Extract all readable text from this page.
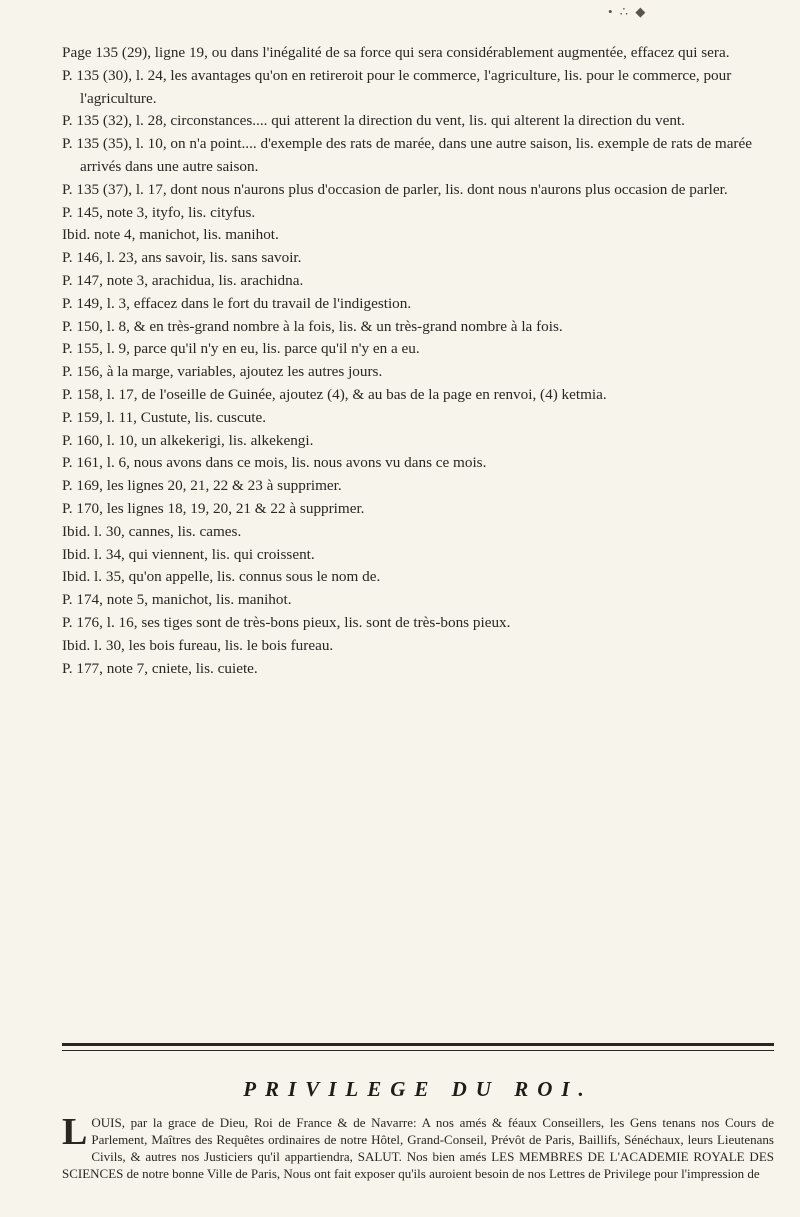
• ∴ ◆

Page 135 (29), ligne 19, ou dans l'inégalité de sa force qui sera considérablement augmentée, effacez qui sera.

P. 135 (30), l. 24, les avantages qu'on en retireroit pour le commerce, l'agriculture, lis. pour le commerce, pour l'agriculture.

P. 135 (32), l. 28, circonstances.... qui atterent la direction du vent, lis. qui alterent la direction du vent.

P. 135 (35), l. 10, on n'a point.... d'exemple des rats de marée, dans une autre saison, lis. exemple de rats de marée arrivés dans une autre saison.

P. 135 (37), l. 17, dont nous n'aurons plus d'occasion de parler, lis. dont nous n'aurons plus occasion de parler.

P. 145, note 3, ityfo, lis. cityfus.

Ibid. note 4, manichot, lis. manihot.

P. 146, l. 23, ans savoir, lis. sans savoir.

P. 147, note 3, arachidua, lis. arachidna.

P. 149, l. 3, effacez dans le fort du travail de l'indigestion.

P. 150, l. 8, & en très-grand nombre à la fois, lis. & un très-grand nombre à la fois.

P. 155, l. 9, parce qu'il n'y en eu, lis. parce qu'il n'y en a eu.

P. 156, à la marge, variables, ajoutez les autres jours.

P. 158, l. 17, de l'oseille de Guinée, ajoutez (4), & au bas de la page en renvoi, (4) ketmia.

P. 159, l. 11, Custute, lis. cuscute.

P. 160, l. 10, un alkekerigi, lis. alkekengi.

P. 161, l. 6, nous avons dans ce mois, lis. nous avons vu dans ce mois.

P. 169, les lignes 20, 21, 22 & 23 à supprimer.

P. 170, les lignes 18, 19, 20, 21 & 22 à supprimer.

Ibid. l. 30, cannes, lis. cames.

Ibid. l. 34, qui viennent, lis. qui croissent.

Ibid. l. 35, qu'on appelle, lis. connus sous le nom de.

P. 174, note 5, manichot, lis. manihot.

P. 176, l. 16, ses tiges sont de très-bons pieux, lis. sont de très-bons pieux.

Ibid. l. 30, les bois fureau, lis. le bois fureau.

P. 177, note 7, cniete, lis. cuiete.

PRIVILEGE DU ROI.
LOUIS, par la grace de Dieu, Roi de France & de Navarre: A nos amés & féaux Conseillers, les Gens tenans nos Cours de Parlement, Maîtres des Requêtes ordinaires de notre Hôtel, Grand-Conseil, Prévôt de Paris, Baillifs, Sénéchaux, leurs Lieutenans Civils, & autres nos Justiciers qu'il appartiendra, SALUT. Nos bien amés LES MEMBRES DE L'ACADEMIE ROYALE DES SCIENCES de notre bonne Ville de Paris, Nous ont fait exposer qu'ils auroient besoin de nos Lettres de Privilege pour l'impression de
